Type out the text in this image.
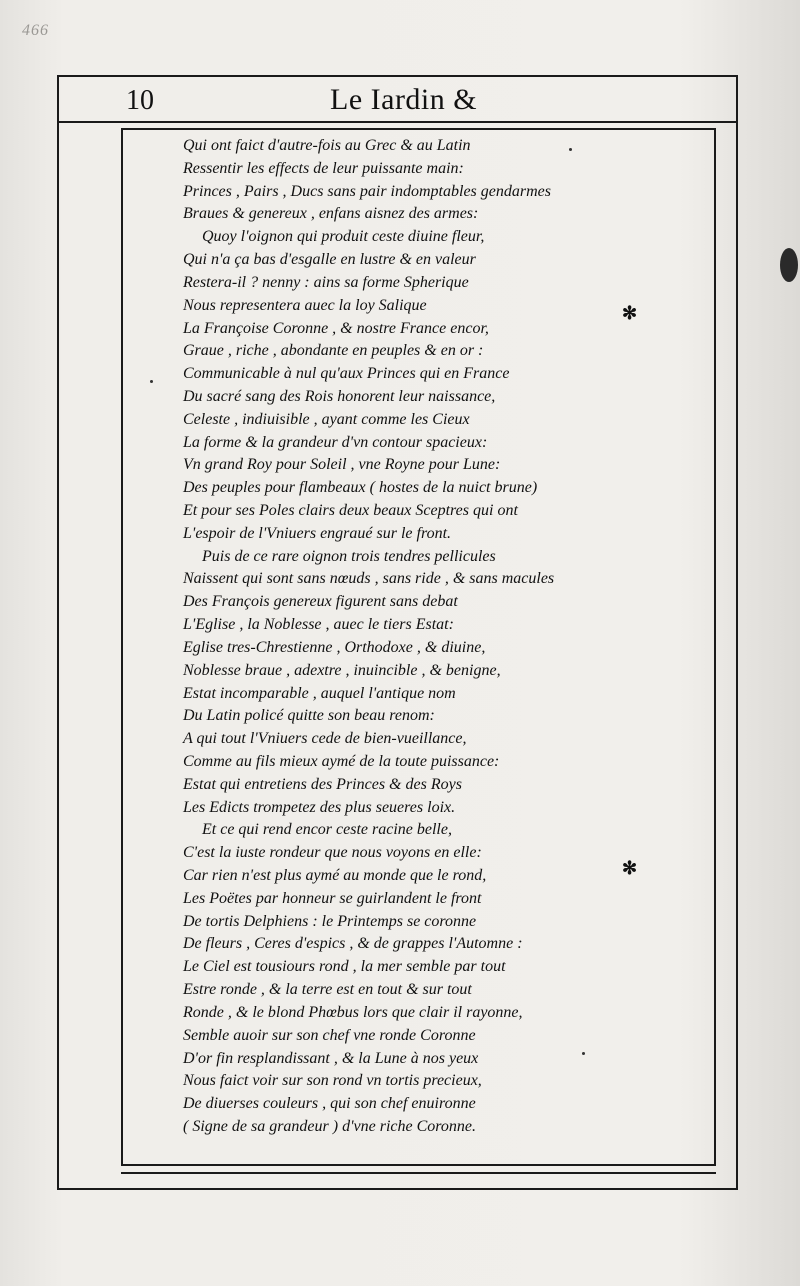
466
10	Le Iardin &
Qui ont faict d'autre-fois au Grec & au Latin
Ressentir les effects de leur puissante main:
Princes , Pairs , Ducs sans pair indomptables gendarmes
Braues & genereux , enfans aisnez des armes:
Quoy l'oignon qui produit ceste diuine fleur,
Qui n'a ça bas d'esgalle en lustre & en valeur
Restera-il ? nenny : ains sa forme Spherique
Nous representera auec la loy Salique
La Françoise Coronne , & nostre France encor,
Graue , riche , abondante en peuples & en or :
Communicable à nul qu'aux Princes qui en France
Du sacré sang des Rois honorent leur naissance,
Celeste , indiuisible , ayant comme les Cieux
La forme & la grandeur d'vn contour spacieux:
Vn grand Roy pour Soleil , vne Royne pour Lune:
Des peuples pour flambeaux ( hostes de la nuict brune)
Et pour ses Poles clairs deux beaux Sceptres qui ont
L'espoir de l'Vniuers engraué sur le front.
Puis de ce rare oignon trois tendres pellicules
Naissent qui sont sans nœuds , sans ride , & sans macules
Des François genereux figurent sans debat
L'Eglise , la Noblesse , auec le tiers Estat:
Eglise tres-Chrestienne , Orthodoxe , & diuine,
Noblesse braue , adextre , inuincible , & benigne,
Estat incomparable , auquel l'antique nom
Du Latin policé quitte son beau renom:
A qui tout l'Vniuers cede de bien-vueillance,
Comme au fils mieux aymé de la toute puissance:
Estat qui entretiens des Princes & des Roys
Les Edicts trompetez des plus seueres loix.
Et ce qui rend encor ceste racine belle,
C'est la iuste rondeur que nous voyons en elle:
Car rien n'est plus aymé au monde que le rond,
Les Poëtes par honneur se guirlandent le front
De tortis Delphiens : le Printemps se coronne
De fleurs , Ceres d'espics , & de grappes l'Automne :
Le Ciel est tousiours rond , la mer semble par tout
Estre ronde , & la terre est en tout & sur tout
Ronde , & le blond Phœbus lors que clair il rayonne,
Semble auoir sur son chef vne ronde Coronne
D'or fin resplandissant , & la Lune à nos yeux
Nous faict voir sur son rond vn tortis precieux,
De diuerses couleurs , qui son chef enuironne
( Signe de sa grandeur ) d'vne riche Coronne.
✻
✻
